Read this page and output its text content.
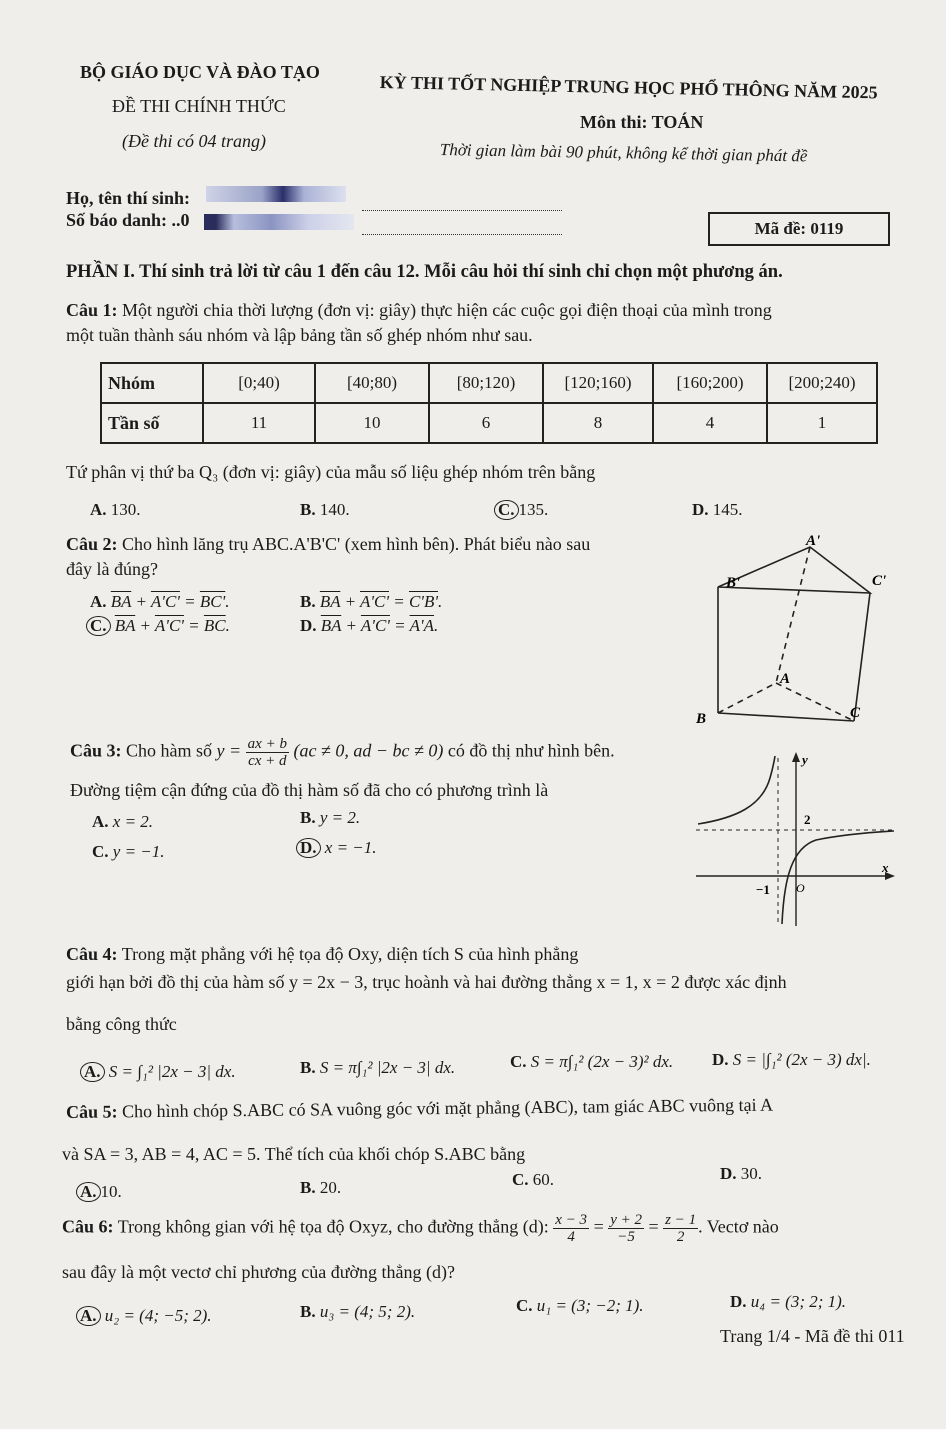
BỘ GIÁO DỤC VÀ ĐÀO TẠO	KỲ THI TỐT NGHIỆP TRUNG HỌC PHỔ THÔNG NĂM 2025
ĐỀ THI CHÍNH THỨC
Môn thi: TOÁN
(Đề thi có 04 trang)	Thời gian làm bài 90 phút, không kể thời gian phát đề
Họ, tên thí sinh:
Số báo danh: ..0	Mã đề: 0119
PHẦN I. Thí sinh trả lời từ câu 1 đến câu 12. Mỗi câu hỏi thí sinh chỉ chọn một phương án.
Câu 1: Một người chia thời lượng (đơn vị: giây) thực hiện các cuộc gọi điện thoại của mình trong
một tuần thành sáu nhóm và lập bảng tần số ghép nhóm như sau.
Nhóm	[0;40)	[40;80)	[80;120)	[120;160)	[160;200)	[200;240)
Tần số	11	10	6	8	4	1
Tứ phân vị thứ ba Q₃ (đơn vị: giây) của mẫu số liệu ghép nhóm trên bằng
A. 130.	B. 140.	C. 135.	D. 145.
Câu 2: Cho hình lăng trụ ABC.A'B'C' (xem hình bên). Phát biểu nào sau
đây là đúng?
A. $\overline{BA} + A'C' = BC'$.	B. $\overline{BA} + A'C' = C'B'$.
C. $\overline{BA} + A'C' = \overline{BC}$.	D. $\overline{BA} + A'C' = A'A$.
A'
B'	C'
A
B	C
Câu 3: Cho hàm số $y = \frac{ax + b}{cx + d} (ac \ne 0$, ad − bc ≠ 0) có đồ thị như hình bên.
Đường tiệm cận đứng của đồ thị hàm số đã cho có phương trình là
A. x = 2.	B. y = 2.
C. y = −1.	D. x = −1.
y
2
x
−1 O
Câu 4: Trong mặt phẳng với hệ tọa độ Oxy, diện tích S của hình phẳng
giới hạn bởi đồ thị của hàm số y = 2x − 3, trục hoành và hai đường thẳng x = 1, x = 2 được xác định
bằng công thức
A. S = ∫₁² |2x − 3| dx.	B. S = π∫₁² |2x − 3| dx.	C. S = π∫₁² (2x − 3)² dx. D. S = |∫₁² (2x − 3) dx|.
Câu 5: Cho hình chóp S.ABC có SA vuông góc với mặt phẳng (ABC), tam giác ABC vuông tại A
và SA = 3, AB = 4, AC = 5. Thể tích của khối chóp S.ABC bằng
A. 10.	B. 20.	C. 60.	D. 30.
Câu 6: Trong không gian với hệ tọa độ Oxyz, cho đường thẳng (d): $\frac{x - 3}{4} = \frac{y + 2}{-5} = \frac{z - 1}{2}$ . Vectơ nào
sau đây là một vectơ chỉ phương của đường thẳng (d)?
A. u₂ = (4; −5; 2).	B. u₃ = (4; 5; 2).	C. u₁ = (3; −2; 1).	D. u₄ = (3; 2; 1).
Trang 1/4 - Mã đề thi 011
